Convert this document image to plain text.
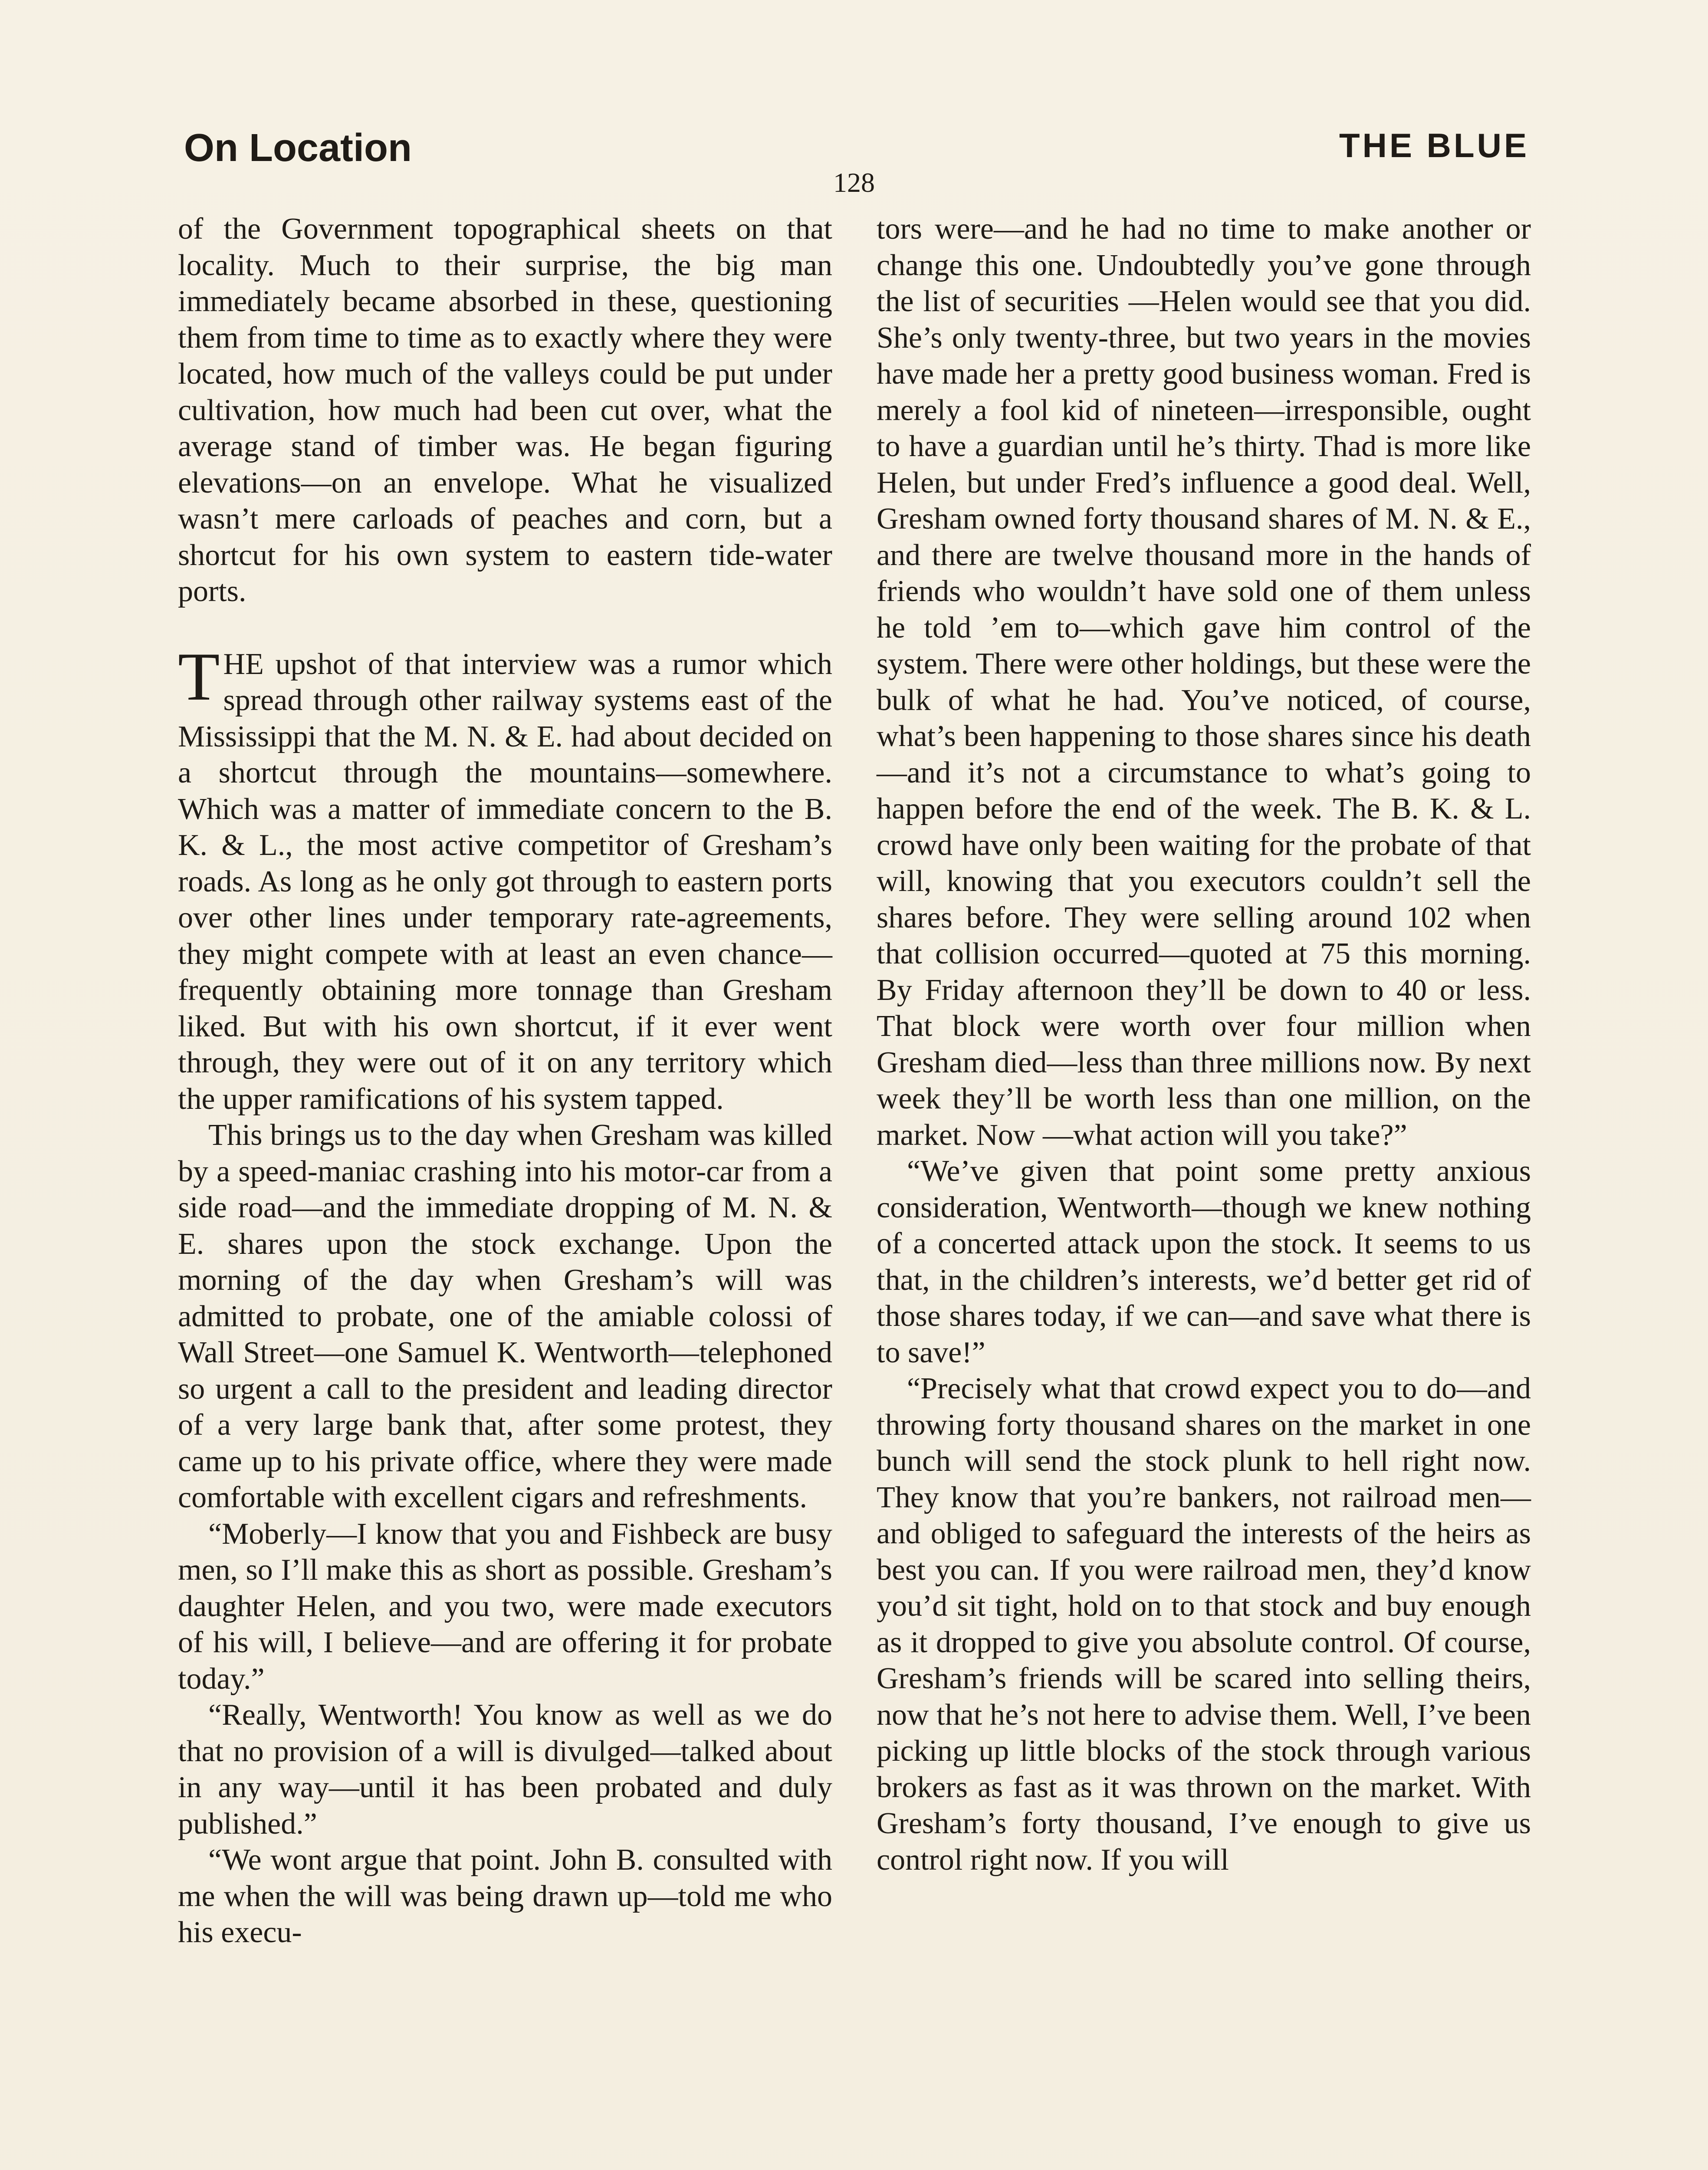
On Location	THE BLUE
128

of the Government topographical sheets on that locality. Much to their surprise, the big man immediately became absorbed in these, questioning them from time to time as to exactly where they were located, how much of the valleys could be put under cultivation, how much had been cut over, what the average stand of timber was. He began figuring elevations—on an envelope. What he visualized wasn’t mere carloads of peaches and corn, but a shortcut for his own system to eastern tide-water ports.

THE upshot of that interview was a rumor which spread through other railway systems east of the Mississippi that the M. N. & E. had about decided on a shortcut through the mountains—somewhere. Which was a matter of immediate concern to the B. K. & L., the most active competitor of Gresham’s roads. As long as he only got through to eastern ports over other lines under temporary rate-agreements, they might compete with at least an even chance—frequently obtaining more tonnage than Gresham liked. But with his own shortcut, if it ever went through, they were out of it on any territory which the upper ramifications of his system tapped.

This brings us to the day when Gresham was killed by a speed-maniac crashing into his motor-car from a side road—and the immediate dropping of M. N. & E. shares upon the stock exchange. Upon the morning of the day when Gresham’s will was admitted to probate, one of the amiable colossi of Wall Street—one Samuel K. Wentworth—telephoned so urgent a call to the president and leading director of a very large bank that, after some protest, they came up to his private office, where they were made comfortable with excellent cigars and refreshments.

“Moberly—I know that you and Fishbeck are busy men, so I’ll make this as short as possible. Gresham’s daughter Helen, and you two, were made executors of his will, I believe—and are offering it for probate today.”

“Really, Wentworth! You know as well as we do that no provision of a will is divulged—talked about in any way—until it has been probated and duly published.”

“We wont argue that point. John B. consulted with me when the will was being drawn up—told me who his execu-

tors were—and he had no time to make another or change this one. Undoubtedly you’ve gone through the list of securities —Helen would see that you did. She’s only twenty-three, but two years in the movies have made her a pretty good business woman. Fred is merely a fool kid of nineteen—irresponsible, ought to have a guardian until he’s thirty. Thad is more like Helen, but under Fred’s influence a good deal. Well, Gresham owned forty thousand shares of M. N. & E., and there are twelve thousand more in the hands of friends who wouldn’t have sold one of them unless he told ’em to—which gave him control of the system. There were other holdings, but these were the bulk of what he had. You’ve noticed, of course, what’s been happening to those shares since his death—and it’s not a circumstance to what’s going to happen before the end of the week. The B. K. & L. crowd have only been waiting for the probate of that will, knowing that you executors couldn’t sell the shares before. They were selling around 102 when that collision occurred—quoted at 75 this morning. By Friday afternoon they’ll be down to 40 or less. That block were worth over four million when Gresham died—less than three millions now. By next week they’ll be worth less than one million, on the market. Now —what action will you take?”

“We’ve given that point some pretty anxious consideration, Wentworth—though we knew nothing of a concerted attack upon the stock. It seems to us that, in the children’s interests, we’d better get rid of those shares today, if we can—and save what there is to save!”

“Precisely what that crowd expect you to do—and throwing forty thousand shares on the market in one bunch will send the stock plunk to hell right now. They know that you’re bankers, not railroad men—and obliged to safeguard the interests of the heirs as best you can. If you were railroad men, they’d know you’d sit tight, hold on to that stock and buy enough as it dropped to give you absolute control. Of course, Gresham’s friends will be scared into selling theirs, now that he’s not here to advise them. Well, I’ve been picking up little blocks of the stock through various brokers as fast as it was thrown on the market. With Gresham’s forty thousand, I’ve enough to give us control right now. If you will
